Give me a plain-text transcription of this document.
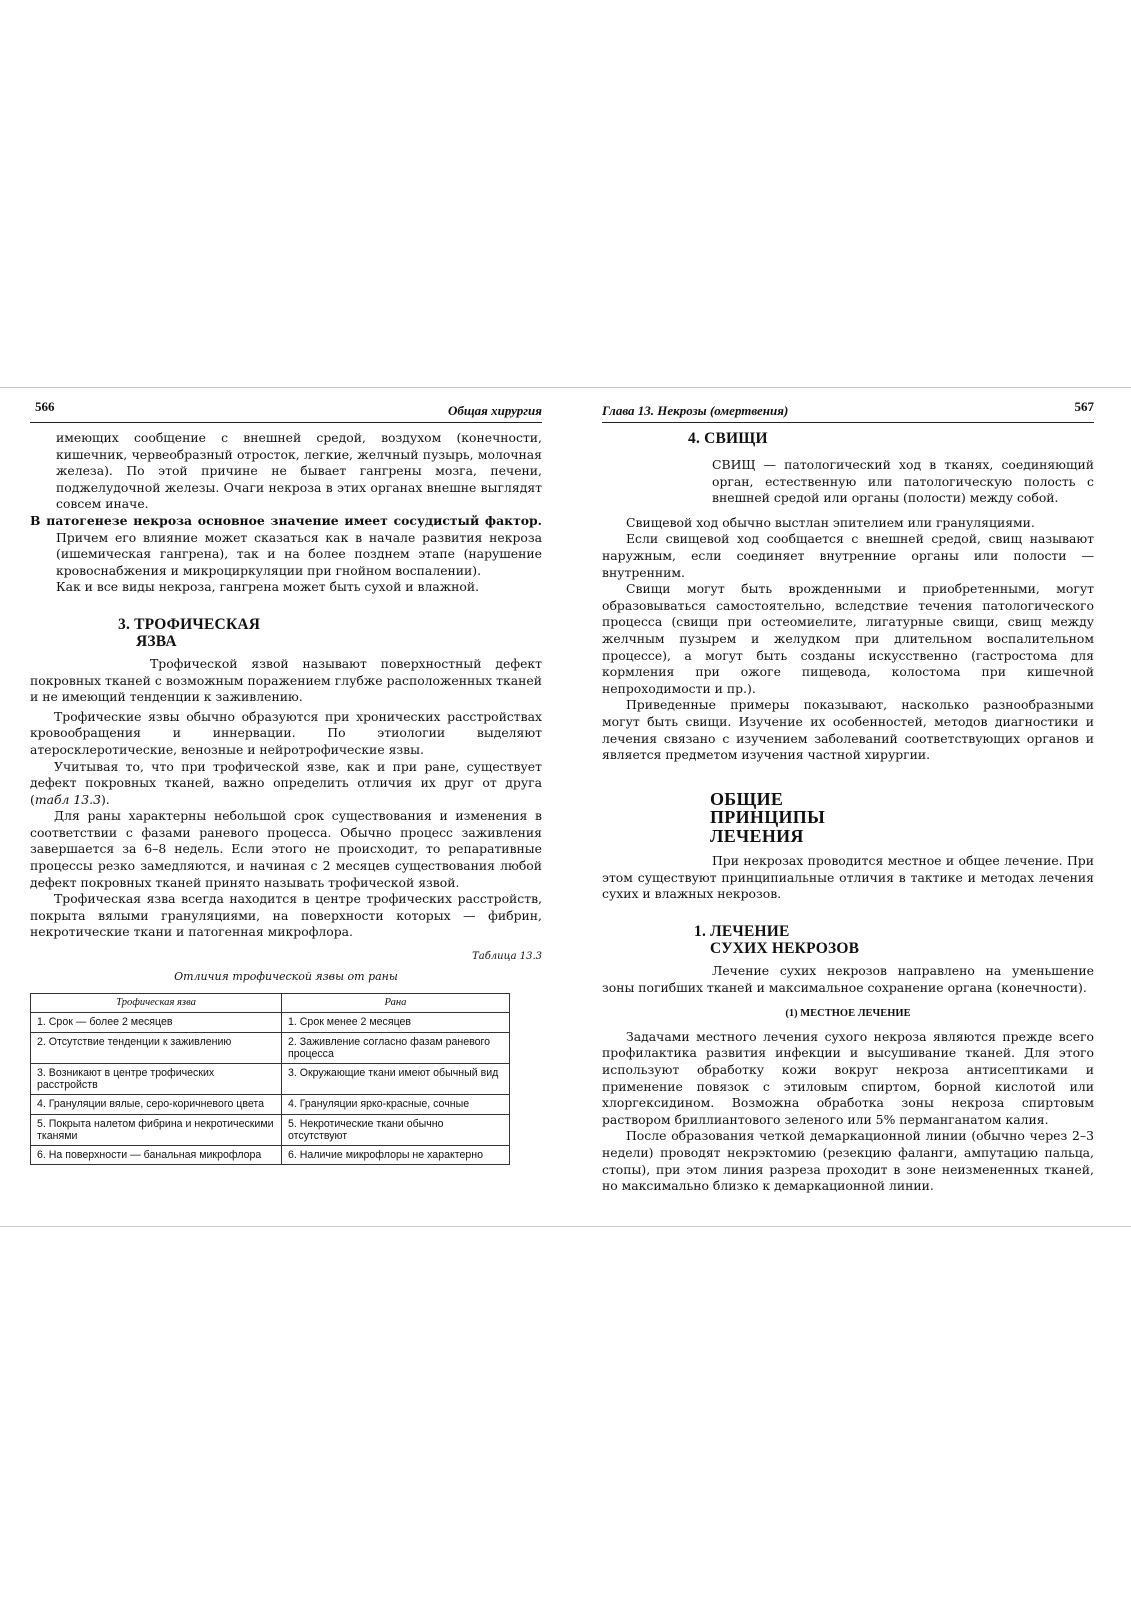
566	Общая хирургия

имеющих сообщение с внешней средой, воздухом (конечности, кишечник, червеобразный отросток, легкие, желчный пузырь, молочная железа). По этой причине не бывает гангрены мозга, печени, поджелудочной железы. Очаги некроза в этих органах внешне выглядят совсем иначе.

В патогенезе некроза основное значение имеет сосудистый фактор. Причем его влияние может сказаться как в начале развития некроза (ишемическая гангрена), так и на более позднем этапе (нарушение кровоснабжения и микроциркуляции при гнойном воспалении).

Как и все виды некроза, гангрена может быть сухой и влажной.

3. ТРОФИЧЕСКАЯ
ЯЗВА

Трофической язвой называют поверхностный дефект покровных тканей с возможным поражением глубже расположенных тканей и не имеющий тенденции к заживлению.

Трофические язвы обычно образуются при хронических расстройствах кровообращения и иннервации. По этиологии выделяют атеросклеротические, венозные и нейротрофические язвы.

Учитывая то, что при трофической язве, как и при ране, существует дефект покровных тканей, важно определить отличия их друг от друга (табл 13.3).

Для раны характерны небольшой срок существования и изменения в соответствии с фазами раневого процесса. Обычно процесс заживления завершается за 6–8 недель. Если этого не происходит, то репаративные процессы резко замедляются, и начиная с 2 месяцев существования любой дефект покровных тканей принято называть трофической язвой.

Трофическая язва всегда находится в центре трофических расстройств, покрыта вялыми грануляциями, на поверхности которых — фибрин, некротические ткани и патогенная микрофлора.

Таблица 13.3
Отличия трофической язвы от раны
Трофическая язва	Рана
1. Срок — более 2 месяцев	1. Срок менее 2 месяцев
2. Отсутствие тенденции к заживлению	2. Заживление согласно фазам раневого процесса
3. Возникают в центре трофических расстройств	3. Окружающие ткани имеют обычный вид
4. Грануляции вялые, серо-коричневого цвета	4. Грануляции ярко-красные, сочные
5. Покрыта налетом фибрина и некротическими тканями	5. Некротические ткани обычно отсутствуют
6. На поверхности — банальная микрофлора	6. Наличие микрофлоры не характерно
Глава 13. Некрозы (омертвения)	567
4. СВИЩИ

СВИЩ — патологический ход в тканях, соединяющий орган, естественную или патологическую полость с внешней средой или органы (полости) между собой.

Свищевой ход обычно выстлан эпителием или грануляциями.

Если свищевой ход сообщается с внешней средой, свищ называют наружным, если соединяет внутренние органы или полости — внутренним.

Свищи могут быть врожденными и приобретенными, могут образовываться самостоятельно, вследствие течения патологического процесса (свищи при остеомиелите, лигатурные свищи, свищ между желчным пузырем и желудком при длительном воспалительном процессе), а могут быть созданы искусственно (гастростома для кормления при ожоге пищевода, колостома при кишечной непроходимости и пр.).

Приведенные примеры показывают, насколько разнообразными могут быть свищи. Изучение их особенностей, методов диагностики и лечения связано с изучением заболеваний соответствующих органов и является предметом изучения частной хирургии.

ОБЩИЕ
ПРИНЦИПЫ
ЛЕЧЕНИЯ

При некрозах проводится местное и общее лечение. При этом существуют принципиальные отличия в тактике и методах лечения сухих и влажных некрозов.

1. ЛЕЧЕНИЕ
СУХИХ НЕКРОЗОВ

Лечение сухих некрозов направлено на уменьшение зоны погибших тканей и максимальное сохранение органа (конечности).

(1) МЕСТНОЕ ЛЕЧЕНИЕ

Задачами местного лечения сухого некроза являются прежде всего профилактика развития инфекции и высушивание тканей. Для этого используют обработку кожи вокруг некроза антисептиками и применение повязок с этиловым спиртом, борной кислотой или хлоргексидином. Возможна обработка зоны некроза спиртовым раствором бриллиантового зеленого или 5% перманганатом калия.

После образования четкой демаркационной линии (обычно через 2–3 недели) проводят некрэктомию (резекцию фаланги, ампутацию пальца, стопы), при этом линия разреза проходит в зоне неизмененных тканей, но максимально близко к демаркационной линии.
